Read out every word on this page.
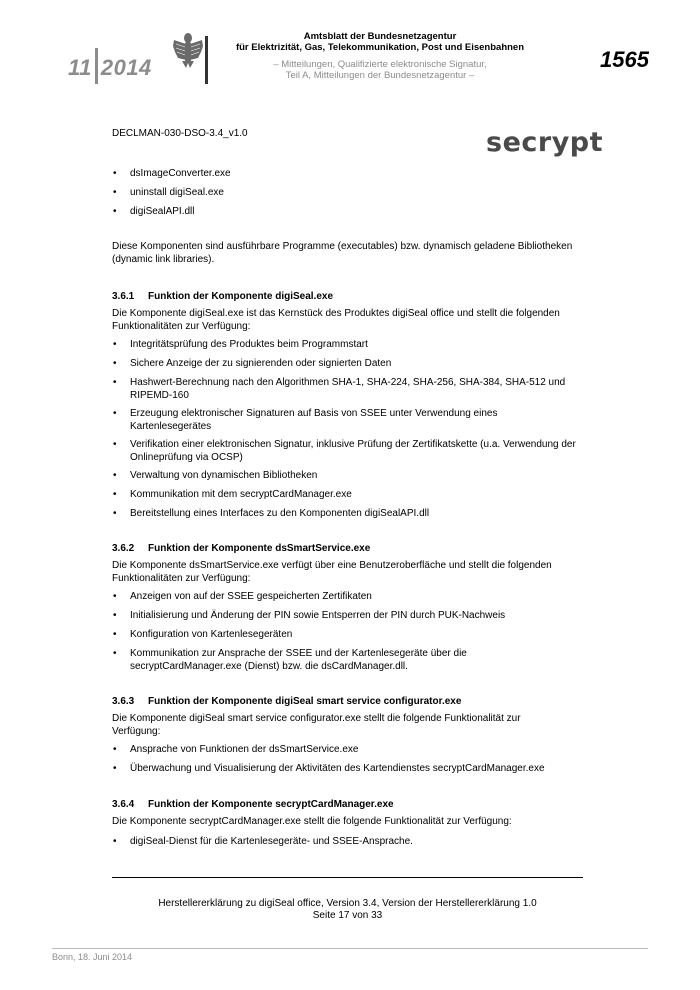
11 2014
Amtsblatt der Bundesnetzagentur
für Elektrizität, Gas, Telekommunikation, Post und Eisenbahnen
– Mitteilungen, Qualifizierte elektronische Signatur,
Teil A, Mitteilungen der Bundesnetzagentur –
1565
DECLMAN-030-DSO-3.4_v1.0	secrypt
• dsImageConverter.exe
• uninstall digiSeal.exe
• digiSealAPI.dll
Diese Komponenten sind ausführbare Programme (executables) bzw. dynamisch geladene Bibliotheken (dynamic link libraries).
3.6.1 Funktion der Komponente digiSeal.exe
Die Komponente digiSeal.exe ist das Kernstück des Produktes digiSeal office und stellt die folgenden Funktionalitäten zur Verfügung:
• Integritätsprüfung des Produktes beim Programmstart
• Sichere Anzeige der zu signierenden oder signierten Daten
• Hashwert-Berechnung nach den Algorithmen SHA-1, SHA-224, SHA-256, SHA-384, SHA-512 und RIPEMD-160
• Erzeugung elektronischer Signaturen auf Basis von SSEE unter Verwendung eines Kartenlesegerätes
• Verifikation einer elektronischen Signatur, inklusive Prüfung der Zertifikatskette (u.a. Verwendung der Onlineprüfung via OCSP)
• Verwaltung von dynamischen Bibliotheken
• Kommunikation mit dem secryptCardManager.exe
• Bereitstellung eines Interfaces zu den Komponenten digiSealAPI.dll
3.6.2 Funktion der Komponente dsSmartService.exe
Die Komponente dsSmartService.exe verfügt über eine Benutzeroberfläche und stellt die folgenden Funktionalitäten zur Verfügung:
• Anzeigen von auf der SSEE gespeicherten Zertifikaten
• Initialisierung und Änderung der PIN sowie Entsperren der PIN durch PUK-Nachweis
• Konfiguration von Kartenlesegeräten
• Kommunikation zur Ansprache der SSEE und der Kartenlesegeräte über die secryptCardManager.exe (Dienst) bzw. die dsCardManager.dll.
3.6.3 Funktion der Komponente digiSeal smart service configurator.exe
Die Komponente digiSeal smart service configurator.exe stellt die folgende Funktionalität zur Verfügung:
• Ansprache von Funktionen der dsSmartService.exe
• Überwachung und Visualisierung der Aktivitäten des Kartendienstes secryptCardManager.exe
3.6.4 Funktion der Komponente secryptCardManager.exe
Die Komponente secryptCardManager.exe stellt die folgende Funktionalität zur Verfügung:
• digiSeal-Dienst für die Kartenlesegeräte- und SSEE-Ansprache.
Herstellererklärung zu digiSeal office, Version 3.4, Version der Herstellererklärung 1.0
Seite 17 von 33
Bonn, 18. Juni 2014
